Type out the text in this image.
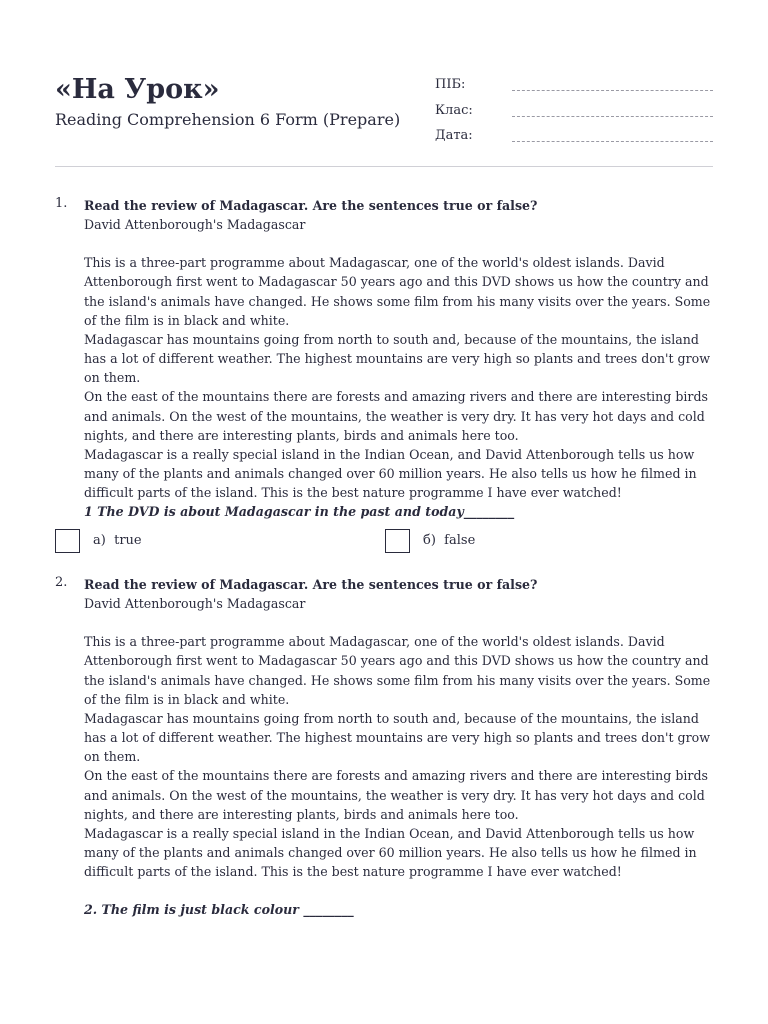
«На Урок»
Reading Comprehension 6 Form (Prepare)
ПІБ:
Клас:
Дата:
1. Read the review of Madagascar. Are the sentences true or false?
David Attenborough's Madagascar

This is a three-part programme about Madagascar, one of the world's oldest islands. David Attenborough first went to Madagascar 50 years ago and this DVD shows us how the country and the island's animals have changed. He shows some film from his many visits over the years. Some of the film is in black and white.

Madagascar has mountains going from north to south and, because of the mountains, the island has a lot of different weather. The highest mountains are very high so plants and trees don't grow on them.

On the east of the mountains there are forests and amazing rivers and there are interesting birds and animals. On the west of the mountains, the weather is very dry. It has very hot days and cold nights, and there are interesting plants, birds and animals here too.

Madagascar is a really special island in the Indian Ocean, and David Attenborough tells us how many of the plants and animals changed over 60 million years. He also tells us how he filmed in difficult parts of the island. This is the best nature programme I have ever watched!

1 The DVD is about Madagascar in the past and today________
а) true	б) false
2. Read the review of Madagascar. Are the sentences true or false?
David Attenborough's Madagascar

This is a three-part programme about Madagascar, one of the world's oldest islands. David Attenborough first went to Madagascar 50 years ago and this DVD shows us how the country and the island's animals have changed. He shows some film from his many visits over the years. Some of the film is in black and white.

Madagascar has mountains going from north to south and, because of the mountains, the island has a lot of different weather. The highest mountains are very high so plants and trees don't grow on them.

On the east of the mountains there are forests and amazing rivers and there are interesting birds and animals. On the west of the mountains, the weather is very dry. It has very hot days and cold nights, and there are interesting plants, birds and animals here too.

Madagascar is a really special island in the Indian Ocean, and David Attenborough tells us how many of the plants and animals changed over 60 million years. He also tells us how he filmed in difficult parts of the island. This is the best nature programme I have ever watched!

2. The film is just black colour ________
